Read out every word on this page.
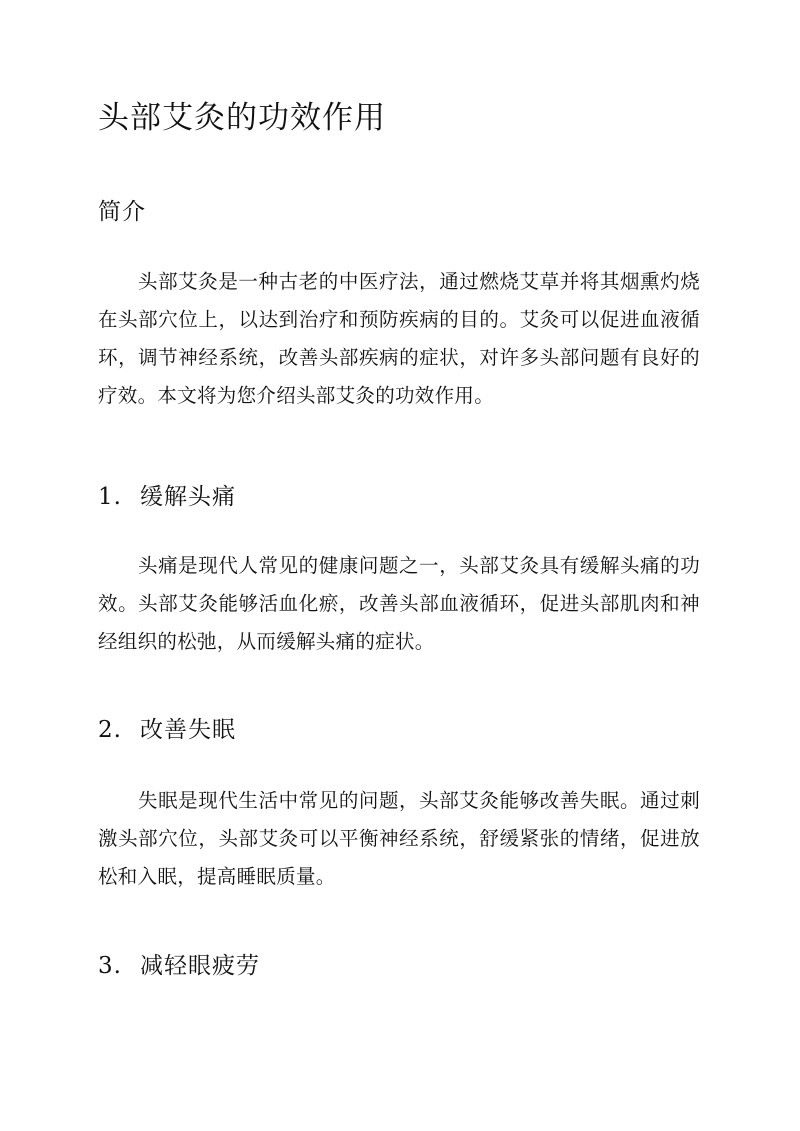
头部艾灸的功效作用
简介

头部艾灸是一种古老的中医疗法，通过燃烧艾草并将其烟熏灼烧在头部穴位上，以达到治疗和预防疾病的目的。艾灸可以促进血液循环，调节神经系统，改善头部疾病的症状，对许多头部问题有良好的疗效。本文将为您介绍头部艾灸的功效作用。

1. 缓解头痛

头痛是现代人常见的健康问题之一，头部艾灸具有缓解头痛的功效。头部艾灸能够活血化瘀，改善头部血液循环，促进头部肌肉和神经组织的松弛，从而缓解头痛的症状。

2. 改善失眠

失眠是现代生活中常见的问题，头部艾灸能够改善失眠。通过刺激头部穴位，头部艾灸可以平衡神经系统，舒缓紧张的情绪，促进放松和入眠，提高睡眠质量。

3. 减轻眼疲劳
